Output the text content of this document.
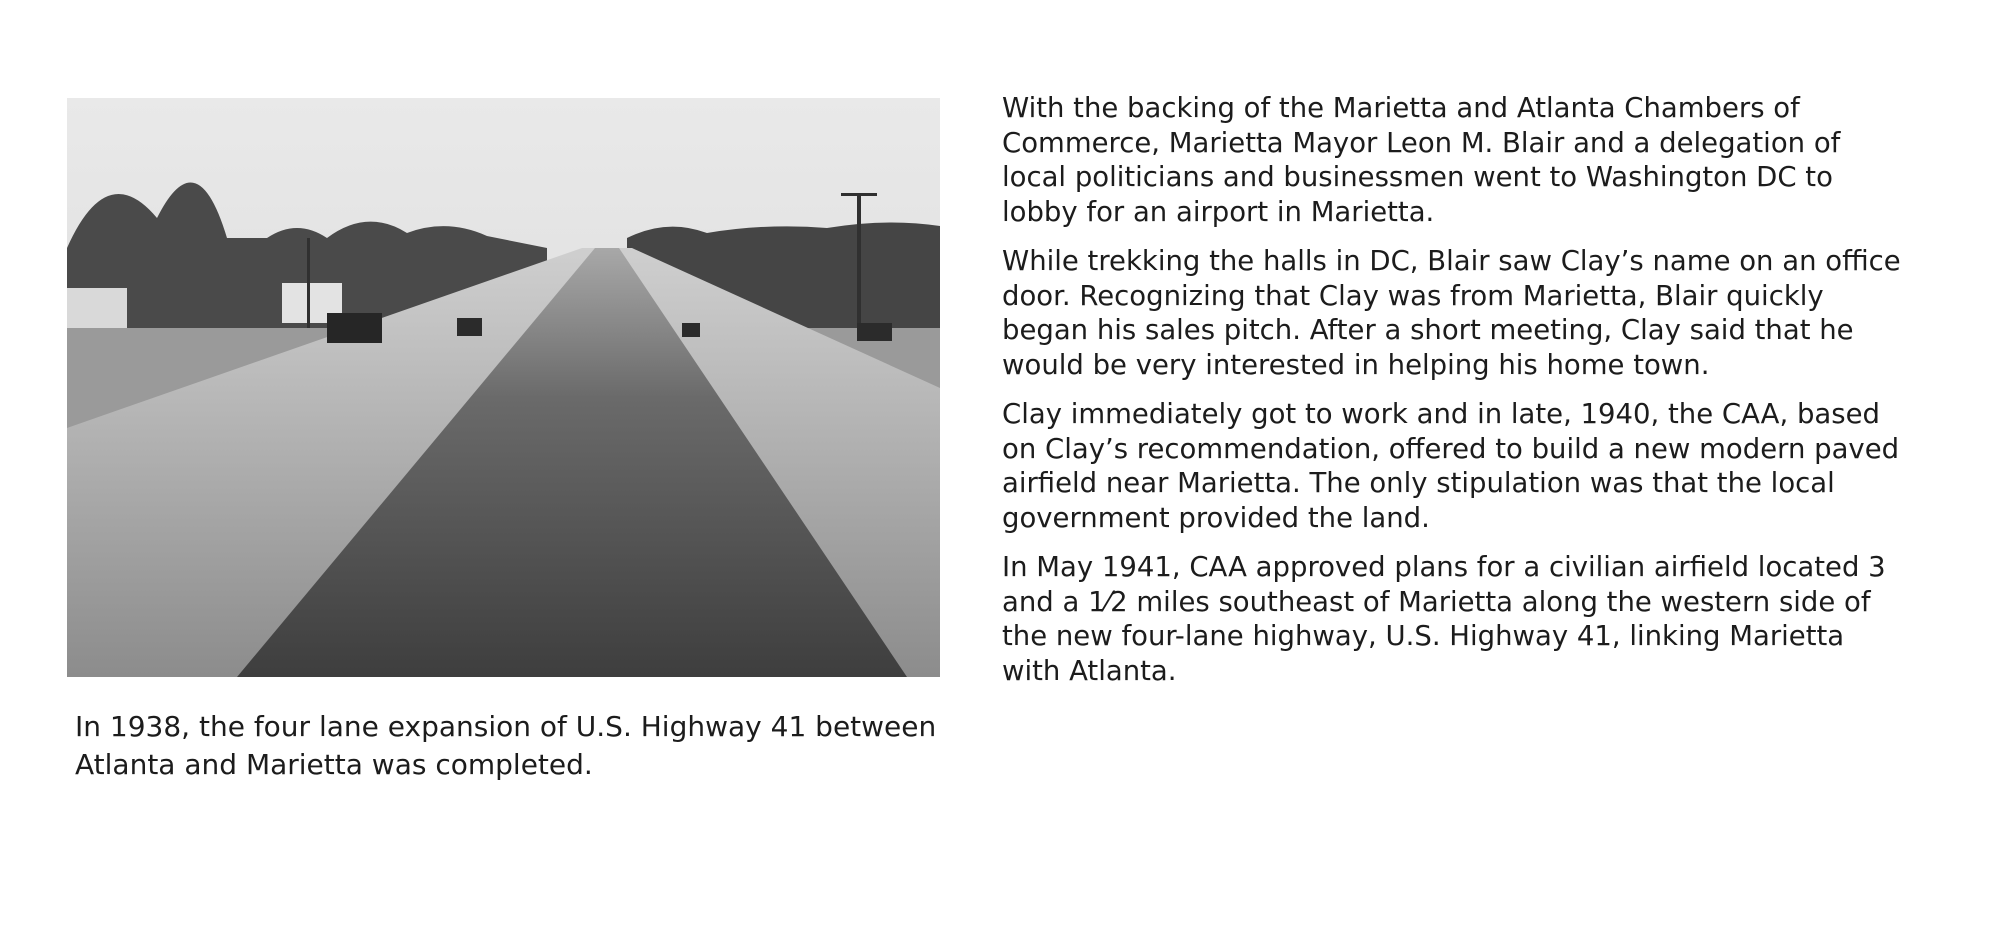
In 1938, the four lane expansion of U.S. Highway 41 between Atlanta and Marietta was completed.

With the backing of the Marietta and Atlanta Chambers of Commerce, Marietta Mayor Leon M. Blair and a delegation of local politicians and businessmen went to Washington DC to lobby for an airport in Marietta.

While trekking the halls in DC, Blair saw Clay’s name on an office door. Recognizing that Clay was from Marietta, Blair quickly began his sales pitch. After a short meeting, Clay said that he would be very interested in helping his home town.

Clay immediately got to work and in late, 1940, the CAA, based on Clay’s recommendation, offered to build a new modern paved airfield near Marietta. The only stipulation was that the local government provided the land.

In May 1941, CAA approved plans for a civilian airfield located 3 and a 1⁄2 miles southeast of Marietta along the western side of the new four-lane highway, U.S. Highway 41, linking Marietta with Atlanta.
